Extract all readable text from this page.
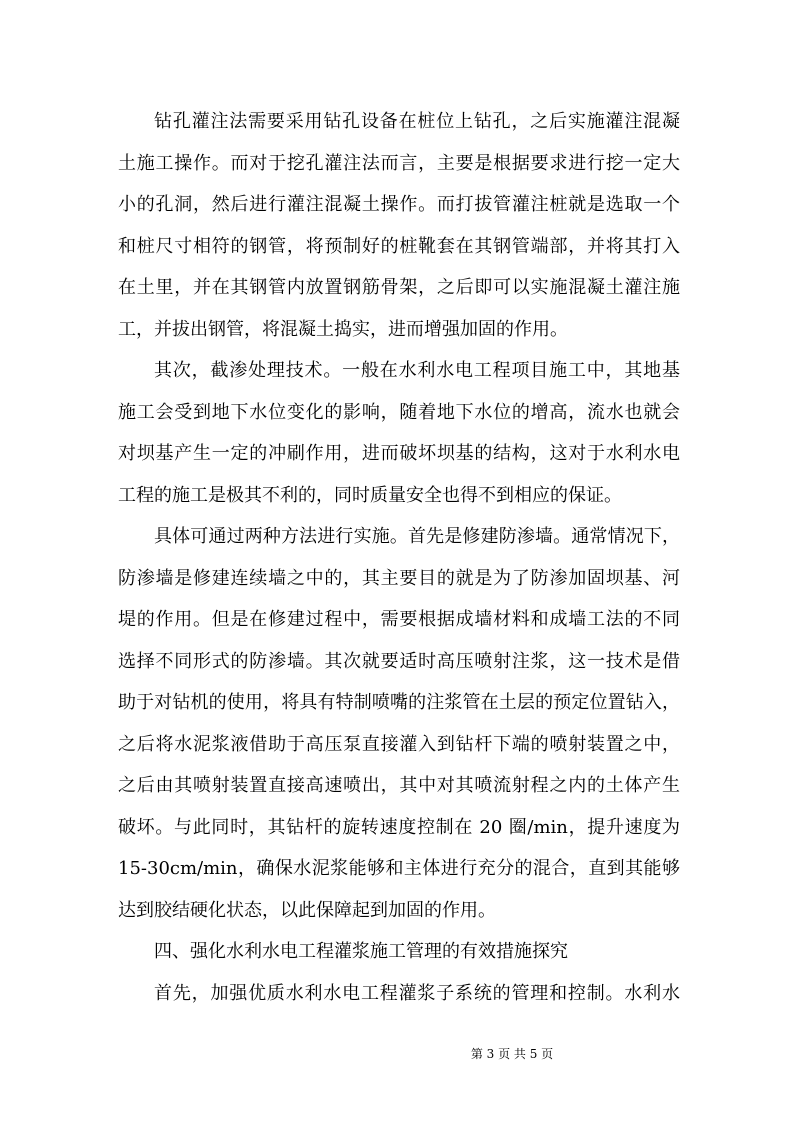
钻孔灌注法需要采用钻孔设备在桩位上钻孔，之后实施灌注混凝
土施工操作。而对于挖孔灌注法而言，主要是根据要求进行挖一定大
小的孔洞，然后进行灌注混凝土操作。而打拔管灌注桩就是选取一个
和桩尺寸相符的钢管，将预制好的桩靴套在其钢管端部，并将其打入
在土里，并在其钢管内放置钢筋骨架，之后即可以实施混凝土灌注施
工，并拔出钢管，将混凝土捣实，进而增强加固的作用。
其次，截渗处理技术。一般在水利水电工程项目施工中，其地基
施工会受到地下水位变化的影响，随着地下水位的增高，流水也就会
对坝基产生一定的冲刷作用，进而破坏坝基的结构，这对于水利水电
工程的施工是极其不利的，同时质量安全也得不到相应的保证。
具体可通过两种方法进行实施。首先是修建防渗墙。通常情况下，
防渗墙是修建连续墙之中的，其主要目的就是为了防渗加固坝基、河
堤的作用。但是在修建过程中，需要根据成墙材料和成墙工法的不同
选择不同形式的防渗墙。其次就要适时高压喷射注浆，这一技术是借
助于对钻机的使用，将具有特制喷嘴的注浆管在土层的预定位置钻入，
之后将水泥浆液借助于高压泵直接灌入到钻杆下端的喷射装置之中，
之后由其喷射装置直接高速喷出，其中对其喷流射程之内的土体产生
破坏。与此同时，其钻杆的旋转速度控制在 20 圈/min，提升速度为
15-30cm/min，确保水泥浆能够和主体进行充分的混合，直到其能够
达到胶结硬化状态，以此保障起到加固的作用。
四、强化水利水电工程灌浆施工管理的有效措施探究
首先，加强优质水利水电工程灌浆子系统的管理和控制。水利水
第 3 页 共 5 页
